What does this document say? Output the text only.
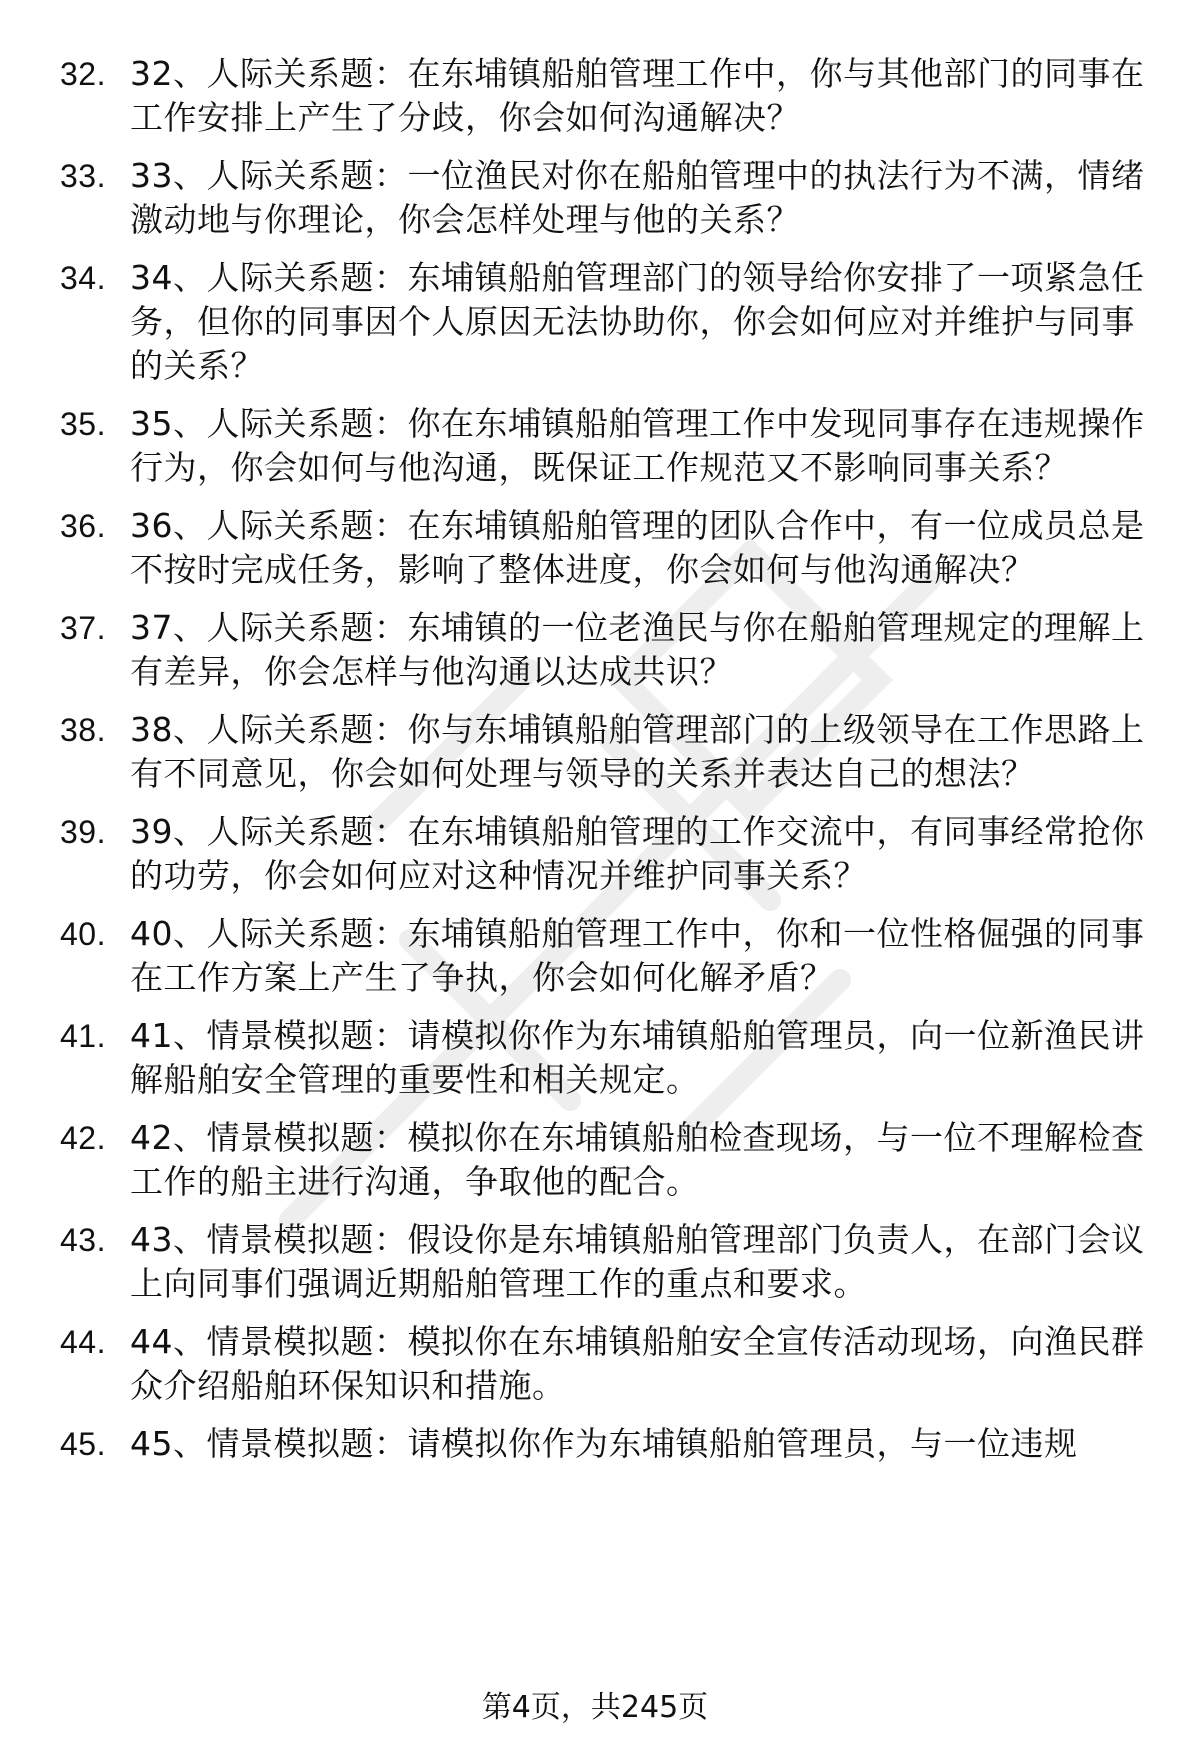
32. 32、人际关系题：在东埔镇船舶管理工作中，你与其他部门的同事在工作安排上产生了分歧，你会如何沟通解决？
33. 33、人际关系题：一位渔民对你在船舶管理中的执法行为不满，情绪激动地与你理论，你会怎样处理与他的关系？
34. 34、人际关系题：东埔镇船舶管理部门的领导给你安排了一项紧急任务，但你的同事因个人原因无法协助你，你会如何应对并维护与同事的关系？
35. 35、人际关系题：你在东埔镇船舶管理工作中发现同事存在违规操作行为，你会如何与他沟通，既保证工作规范又不影响同事关系？
36. 36、人际关系题：在东埔镇船舶管理的团队合作中，有一位成员总是不按时完成任务，影响了整体进度，你会如何与他沟通解决？
37. 37、人际关系题：东埔镇的一位老渔民与你在船舶管理规定的理解上有差异，你会怎样与他沟通以达成共识？
38. 38、人际关系题：你与东埔镇船舶管理部门的上级领导在工作思路上有不同意见，你会如何处理与领导的关系并表达自己的想法？
39. 39、人际关系题：在东埔镇船舶管理的工作交流中，有同事经常抢你的功劳，你会如何应对这种情况并维护同事关系？
40. 40、人际关系题：东埔镇船舶管理工作中，你和一位性格倔强的同事在工作方案上产生了争执，你会如何化解矛盾？
41. 41、情景模拟题：请模拟你作为东埔镇船舶管理员，向一位新渔民讲解船舶安全管理的重要性和相关规定。
42. 42、情景模拟题：模拟你在东埔镇船舶检查现场，与一位不理解检查工作的船主进行沟通，争取他的配合。
43. 43、情景模拟题：假设你是东埔镇船舶管理部门负责人，在部门会议上向同事们强调近期船舶管理工作的重点和要求。
44. 44、情景模拟题：模拟你在东埔镇船舶安全宣传活动现场，向渔民群众介绍船舶环保知识和措施。
45. 45、情景模拟题：请模拟你作为东埔镇船舶管理员，与一位违规
第4页，共245页
